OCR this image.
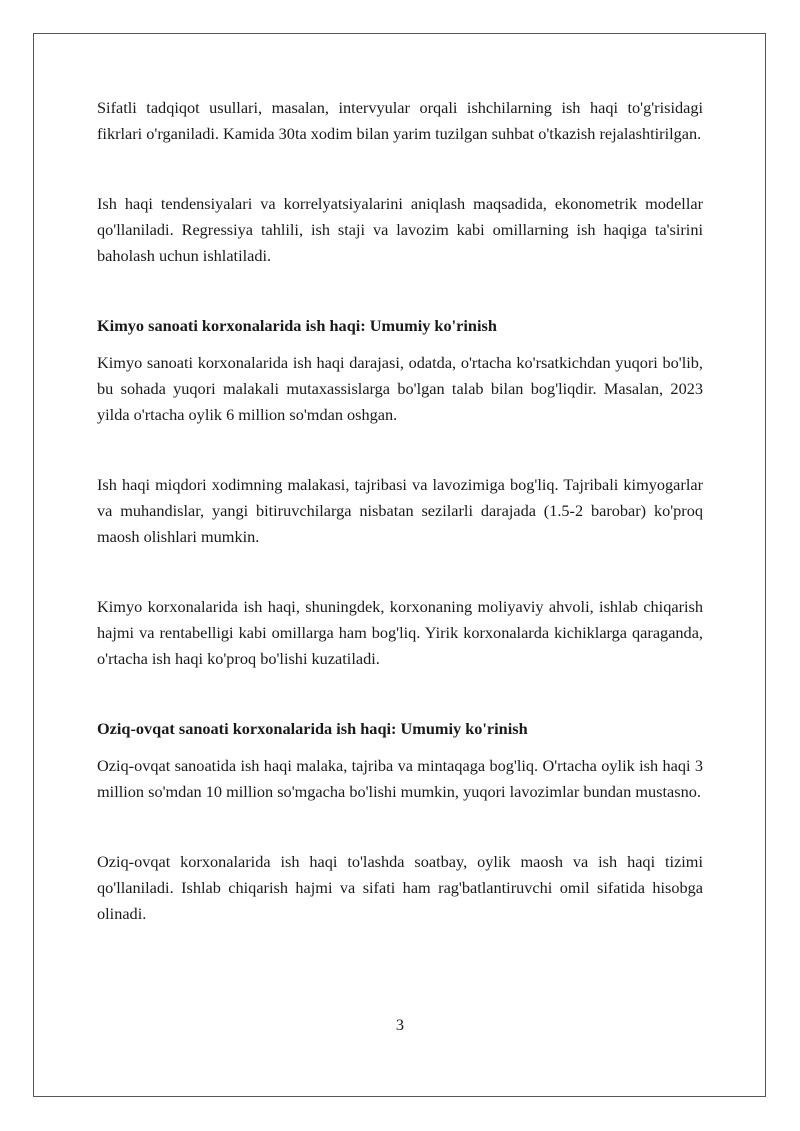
Sifatli tadqiqot usullari, masalan, intervyular orqali ishchilarning ish haqi to'g'risidagi fikrlari o'rganiladi. Kamida 30ta xodim bilan yarim tuzilgan suhbat o'tkazish rejalashtirilgan.

Ish haqi tendensiyalari va korrelyatsiyalarini aniqlash maqsadida, ekonometrik modellar qo'llaniladi. Regressiya tahlili, ish staji va lavozim kabi omillarning ish haqiga ta'sirini baholash uchun ishlatiladi.

Kimyo sanoati korxonalarida ish haqi: Umumiy ko'rinish

Kimyo sanoati korxonalarida ish haqi darajasi, odatda, o'rtacha ko'rsatkichdan yuqori bo'lib, bu sohada yuqori malakali mutaxassislarga bo'lgan talab bilan bog'liqdir. Masalan, 2023 yilda o'rtacha oylik 6 million so'mdan oshgan.

Ish haqi miqdori xodimning malakasi, tajribasi va lavozimiga bog'liq. Tajribali kimyogarlar va muhandislar, yangi bitiruvchilarga nisbatan sezilarli darajada (1.5-2 barobar) ko'proq maosh olishlari mumkin.

Kimyo korxonalarida ish haqi, shuningdek, korxonaning moliyaviy ahvoli, ishlab chiqarish hajmi va rentabelligi kabi omillarga ham bog'liq. Yirik korxonalarda kichiklarga qaraganda, o'rtacha ish haqi ko'proq bo'lishi kuzatiladi.

Oziq-ovqat sanoati korxonalarida ish haqi: Umumiy ko'rinish

Oziq-ovqat sanoatida ish haqi malaka, tajriba va mintaqaga bog'liq. O'rtacha oylik ish haqi 3 million so'mdan 10 million so'mgacha bo'lishi mumkin, yuqori lavozimlar bundan mustasno.

Oziq-ovqat korxonalarida ish haqi to'lashda soatbay, oylik maosh va ish haqi tizimi qo'llaniladi. Ishlab chiqarish hajmi va sifati ham rag'batlantiruvchi omil sifatida hisobga olinadi.

3
